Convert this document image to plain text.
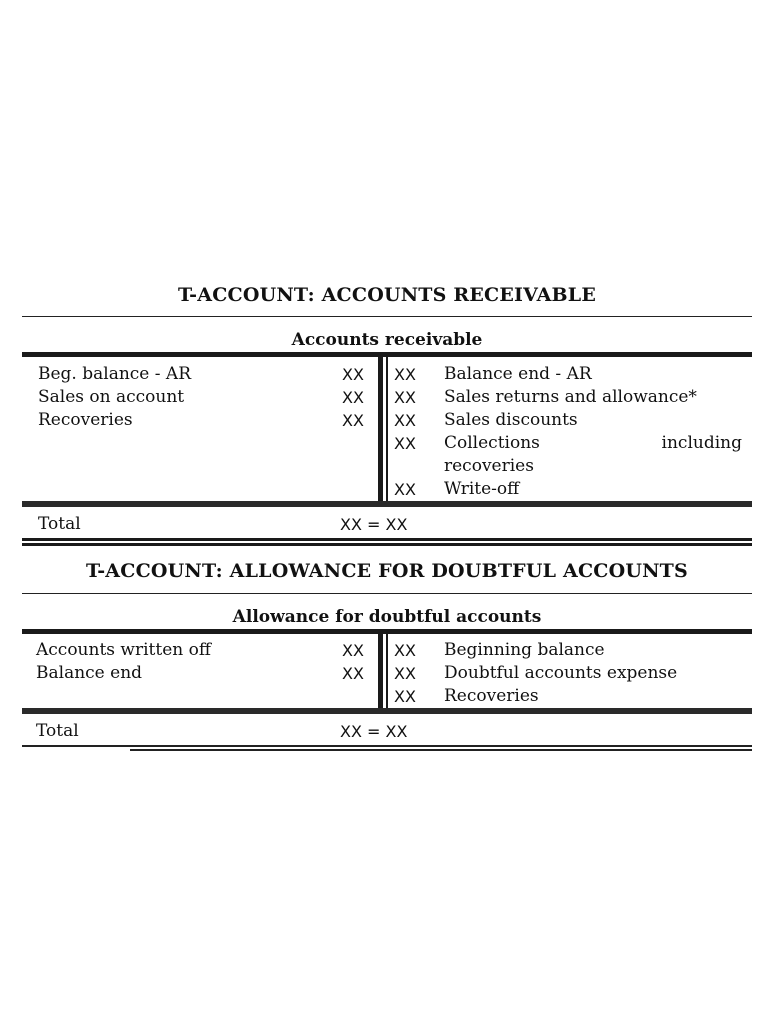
T-ACCOUNT: ACCOUNTS RECEIVABLE
Accounts receivable
Beg. balance - AR	XX
Sales on account	XX
Recoveries	XX
XX Balance end - AR
XX Sales returns and allowance*
XX Sales discounts
XX Collections	including
recoveries
XX Write-off
Total	XX = XX
T-ACCOUNT: ALLOWANCE FOR DOUBTFUL ACCOUNTS
Allowance for doubtful accounts
Accounts written off	XX
Balance end	XX
XX Beginning balance
XX Doubtful accounts expense
XX Recoveries
Total	XX = XX
